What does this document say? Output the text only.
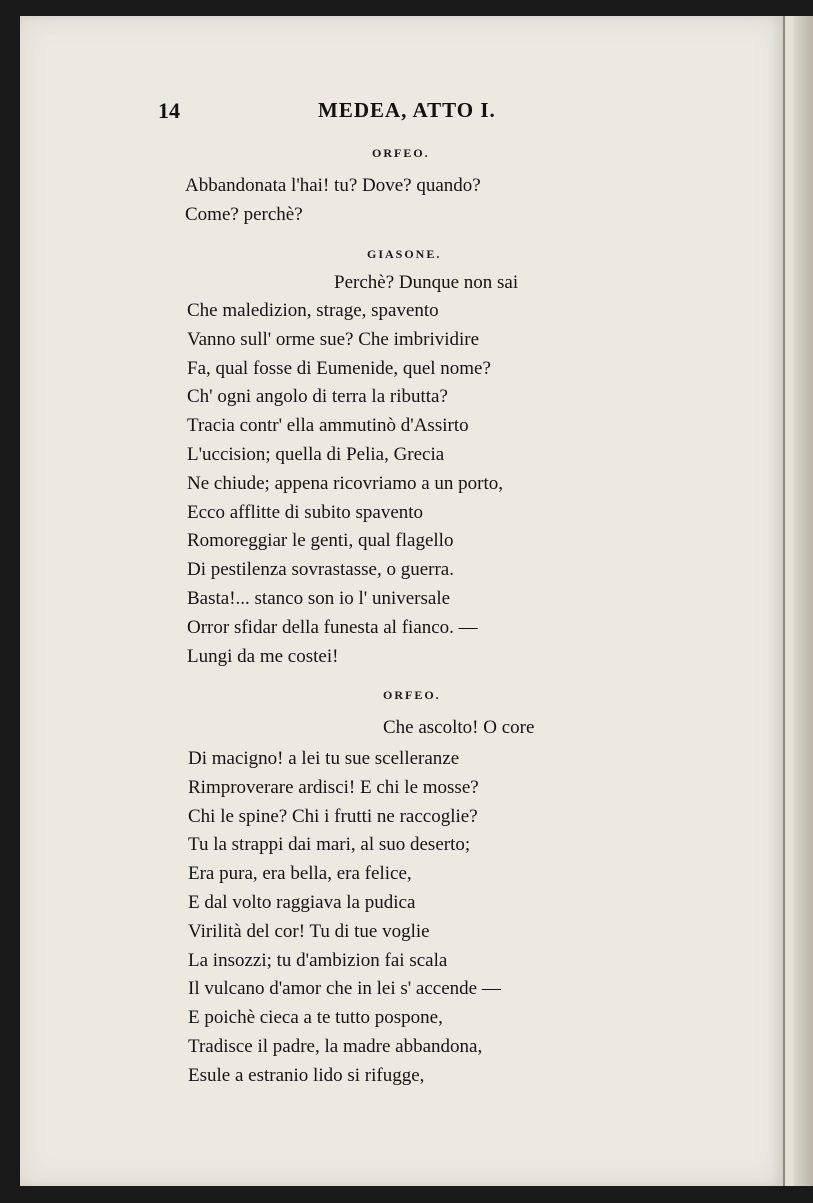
14	MEDEA, ATTO I.
ORFEO.
Abbandonata l'hai! tu? Dove? quando?
Come? perchè?
GIASONE.
Perchè? Dunque non sai
Che maledizion, strage, spavento
Vanno sull' orme sue? Che imbrividire
Fa, qual fosse di Eumenide, quel nome?
Ch' ogni angolo di terra la ributta?
Tracia contr' ella ammutinò d'Assirto
L'uccision; quella di Pelia, Grecia
Ne chiude; appena ricovriamo a un porto,
Ecco afflitte di subito spavento
Romoreggiar le genti, qual flagello
Di pestilenza sovrastasse, o guerra.
Basta!... stanco son io l' universale
Orror sfidar della funesta al fianco. —
Lungi da me costei!
ORFEO.
Che ascolto! O core
Di macigno! a lei tu sue scelleranze
Rimproverare ardisci! E chi le mosse?
Chi le spine? Chi i frutti ne raccoglie?
Tu la strappi dai mari, al suo deserto;
Era pura, era bella, era felice,
E dal volto raggiava la pudica
Virilità del cor! Tu di tue voglie
La insozzi; tu d'ambizion fai scala
Il vulcano d'amor che in lei s' accende —
E poichè cieca a te tutto pospone,
Tradisce il padre, la madre abbandona,
Esule a estranio lido si rifugge,
